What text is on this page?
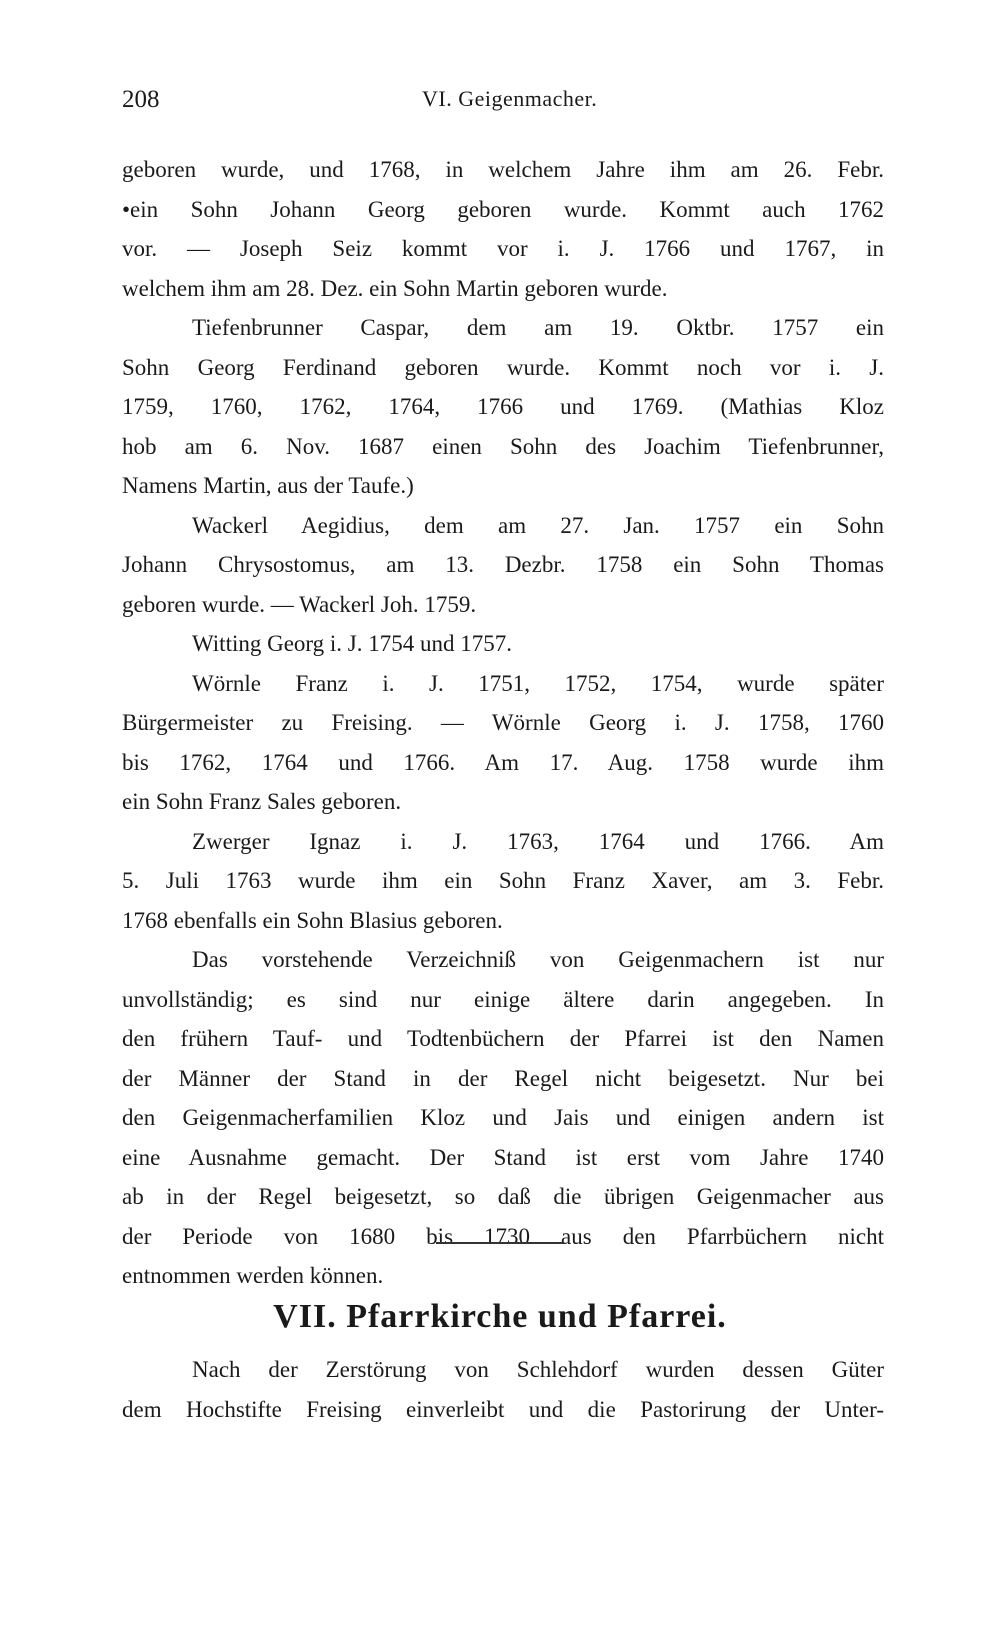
208	VI. Geigenmacher.
geboren wurde, und 1768, in welchem Jahre ihm am 26. Febr.
•ein Sohn Johann Georg geboren wurde. Kommt auch 1762
vor. — Joseph Seiz kommt vor i. J. 1766 und 1767, in
welchem ihm am 28. Dez. ein Sohn Martin geboren wurde.
Tiefenbrunner Caspar, dem am 19. Oktbr. 1757 ein
Sohn Georg Ferdinand geboren wurde. Kommt noch vor i. J.
1759, 1760, 1762, 1764, 1766 und 1769. (Mathias Kloz
hob am 6. Nov. 1687 einen Sohn des Joachim Tiefenbrunner,
Namens Martin, aus der Taufe.)
Wackerl Aegidius, dem am 27. Jan. 1757 ein Sohn
Johann Chrysostomus, am 13. Dezbr. 1758 ein Sohn Thomas
geboren wurde. — Wackerl Joh. 1759.
Witting Georg i. J. 1754 und 1757.
Wörnle Franz i. J. 1751, 1752, 1754, wurde später
Bürgermeister zu Freising. — Wörnle Georg i. J. 1758, 1760
bis 1762, 1764 und 1766. Am 17. Aug. 1758 wurde ihm
ein Sohn Franz Sales geboren.
Zwerger Ignaz i. J. 1763, 1764 und 1766. Am
5. Juli 1763 wurde ihm ein Sohn Franz Xaver, am 3. Febr.
1768 ebenfalls ein Sohn Blasius geboren.
Das vorstehende Verzeichniß von Geigenmachern ist nur
unvollständig; es sind nur einige ältere darin angegeben. In
den frühern Tauf- und Todtenbüchern der Pfarrei ist den Namen
der Männer der Stand in der Regel nicht beigesetzt. Nur bei
den Geigenmacherfamilien Kloz und Jais und einigen andern ist
eine Ausnahme gemacht. Der Stand ist erst vom Jahre 1740
ab in der Regel beigesetzt, so daß die übrigen Geigenmacher aus
der Periode von 1680 bis 1730 aus den Pfarrbüchern nicht
entnommen werden können.
VII. Pfarrkirche und Pfarrei.
Nach der Zerstörung von Schlehdorf wurden dessen Güter
dem Hochstifte Freising einverleibt und die Pastorirung der Unter-
